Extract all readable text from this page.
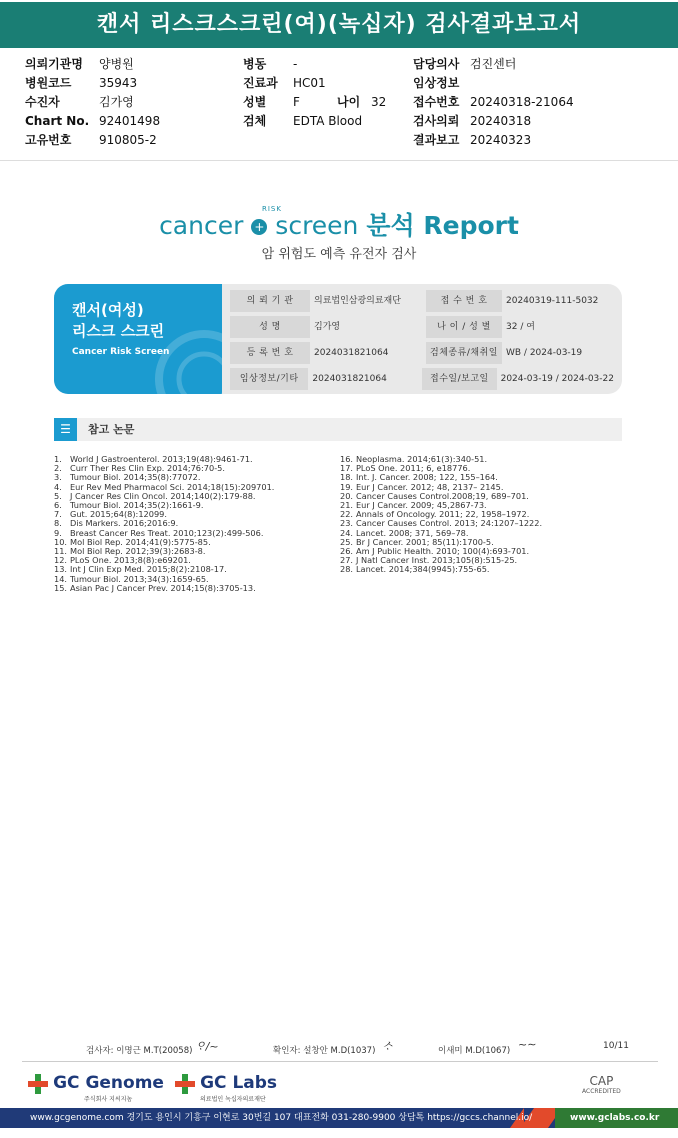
캔서 리스크스크린(여)(녹십자) 검사결과보고서
의뢰기관명 양병원
병원코드 35943
수진자	김가영
Chart No. 92401498
고유번호 910805-2
병동 -
진료과 HC01
성별 F	나이 32
검체 EDTA Blood
담당의사 검진센터
임상정보
접수번호 20240318-21064
검사의뢰 20240318
결과보고 20240323
RISK
cancer + screen 분석 Report
암 위험도 예측 유전자 검사
캔서(여성)
리스크 스크린
Cancer Risk Screen
의 뢰 기 관	의료법인삼광의료재단	접 수 번 호	20240319-111-5032
성 명	김가영	나 이 / 성 별	32 / 여
등 록 번 호	2024031821064	검체종류/채취일 WB / 2024-03-19
임상정보/기타	2024031821064	접수일/보고일	2024-03-19 / 2024-03-22
☰	참고 논문
1. World J Gastroenterol. 2013;19(48):9461-71.
2. Curr Ther Res Clin Exp. 2014;76:70-5.
3. Tumour Biol. 2014;35(8):77072.
4. Eur Rev Med Pharmacol Sci. 2014;18(15):209701.
5. J Cancer Res Clin Oncol. 2014;140(2):179-88.
6. Tumour Biol. 2014;35(2):1661-9.
7. Gut. 2015;64(8):12099.
8. Dis Markers. 2016;2016:9.
9. Breast Cancer Res Treat. 2010;123(2):499-506.
10. Mol Biol Rep. 2014;41(9):5775-85.
11. Mol Biol Rep. 2012;39(3):2683-8.
12. PLoS One. 2013;8(8):e69201.
13. Int J Clin Exp Med. 2015;8(2):2108-17.
14. Tumour Biol. 2013;34(3):1659-65.
15. Asian Pac J Cancer Prev. 2014;15(8):3705-13.
16. Neoplasma. 2014;61(3):340-51.
17. PLoS One. 2011; 6, e18776.
18. Int. J. Cancer. 2008; 122, 155–164.
19. Eur J Cancer. 2012; 48, 2137– 2145.
20. Cancer Causes Control.2008;19, 689–701.
21. Eur J Cancer. 2009; 45,2867-73.
22. Annals of Oncology. 2011; 22, 1958–1972.
23. Cancer Causes Control. 2013; 24:1207–1222.
24. Lancet. 2008; 371, 569–78.
25. Br J Cancer. 2001; 85(11):1700-5.
26. Am J Public Health. 2010; 100(4):693-701.
27. J Natl Cancer Inst. 2013;105(8):515-25.
28. Lancet. 2014;384(9945):755-65.
검사자: 이명근 M.T(20058) ᄋᆞ/~	확인자: 설창안 M.D(1037) ᄉᆞ	이새미 M.D(1067) ~∼	10/11
GC Genome
주식회사 지씨지놈
GC Labs
의료법인 녹십자의료재단
CAP
ACCREDITED
www.gcgenome.com 경기도 용인시 기흥구 이현로 30번길 107 대표전화 031-280-9900 상담톡 https://gccs.channel.io/	www.gclabs.co.kr
